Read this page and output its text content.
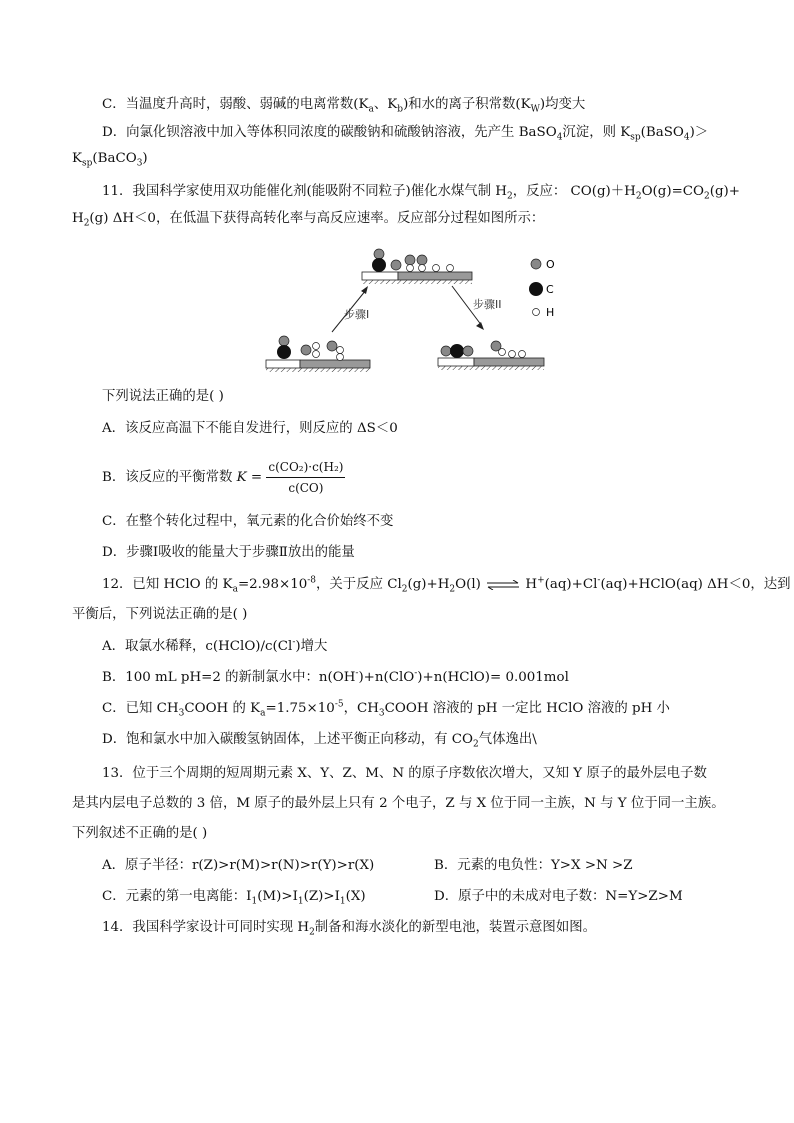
C．当温度升高时，弱酸、弱碱的电离常数($K_a$、$K_b$)和水的离子积常数$(K_W)$均变大
D．向氯化钡溶液中加入等体积同浓度的碳酸钠和硫酸钠溶液，先产生 BaSO$_4$沉淀，则 $K_{sp}(BaSO_4)>$
$K_{sp}(BaCO_3)$
11．我国科学家使用双功能催化剂(能吸附不同粒子)催化水煤气制 $H_2$，反应： $CO(g)+H_2O(g)=CO_2(g)+$
$H_2(g)$ ΔH＜0，在低温下获得高转化率与高反应速率。反应部分过程如图所示：
步骤I
步骤II
O
C
H
下列说法正确的是( )
A．该反应高温下不能自发进行，则反应的 ΔS＜0
B．该反应的平衡常数 $K = \frac{\text{c(CO₂)·c(H₂)}}{c(CO)}$
C．在整个转化过程中，氧元素的化合价始终不变
D．步骤Ⅰ吸收的能量大于步骤Ⅱ放出的能量
12．已知 HClO 的 $K_a=2.98\times 10^{-8}$，关于反应 $Cl_2(g)+H_2O(l)$ ⇌ H+(aq)+Cl-(aq)+HClO(aq) ΔH＜0，达到
平衡后，下列说法正确的是( )
A．取氯水稀释，c(HClO)/c(Cl-)增大
B．100 mL pH=2 的新制氯水中：n(OH-)+n(ClO-)+n(HClO)= 0.001mol
C．已知 $CH_3COOH$ 的 $K_a=1.75\times 10^{-5}$，$CH_3COOH$ 溶液的 pH 一定比 HClO 溶液的 pH 小
D．饱和氯水中加入碳酸氢钠固体，上述平衡正向移动，有 $CO_2$气体逸出\
13．位于三个周期的短周期元素 X、Y、Z、M、N 的原子序数依次增大，又知 Y 原子的最外层电子数
是其内层电子总数的 3 倍，M 原子的最外层上只有 2 个电子，Z 与 X 位于同一主族，N 与 Y 位于同一主族。
下列叙述不正确的是( )
A．原子半径：r(Z)>r(M)>r(N)>r(Y)>r(X)	B．元素的电负性：Y>X >N >Z
C．元素的第一电离能：$I_1(M)>I_1(Z)>I_1(X)$	D．原子中的未成对电子数：N=Y>Z>M
14．我国科学家设计可同时实现 $H_2$制备和海水淡化的新型电池，装置示意图如图。
